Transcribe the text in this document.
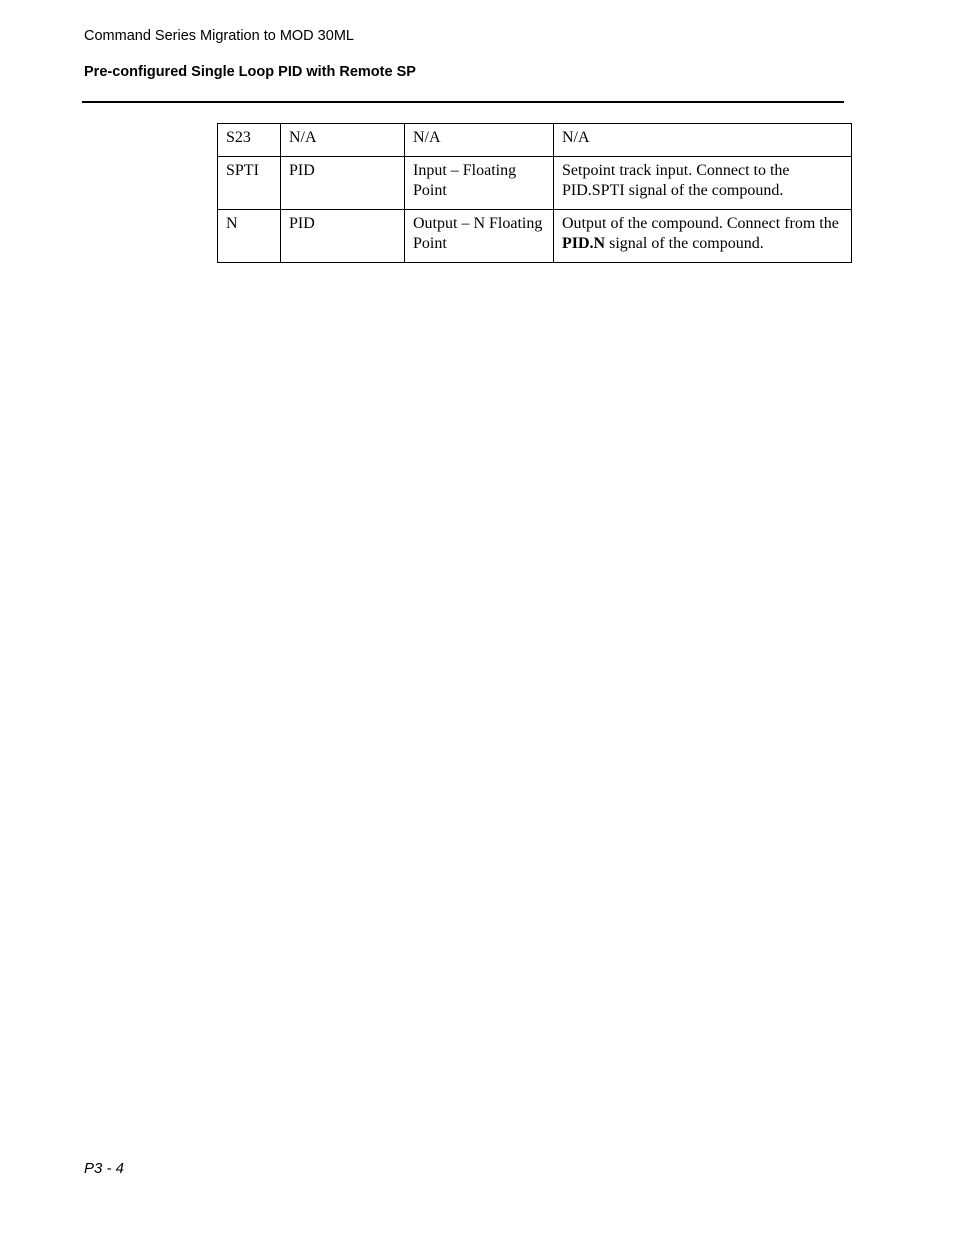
Command Series Migration to MOD 30ML
Pre-configured Single Loop PID with Remote SP
S23	N/A	N/A	N/A
SPTI	PID	Input – Floating Point	Setpoint track input. Connect to the PID.SPTI signal of the compound.
N	PID	Output – N Floating Point	Output of the compound. Connect from the PID.N signal of the compound.
P3 - 4
